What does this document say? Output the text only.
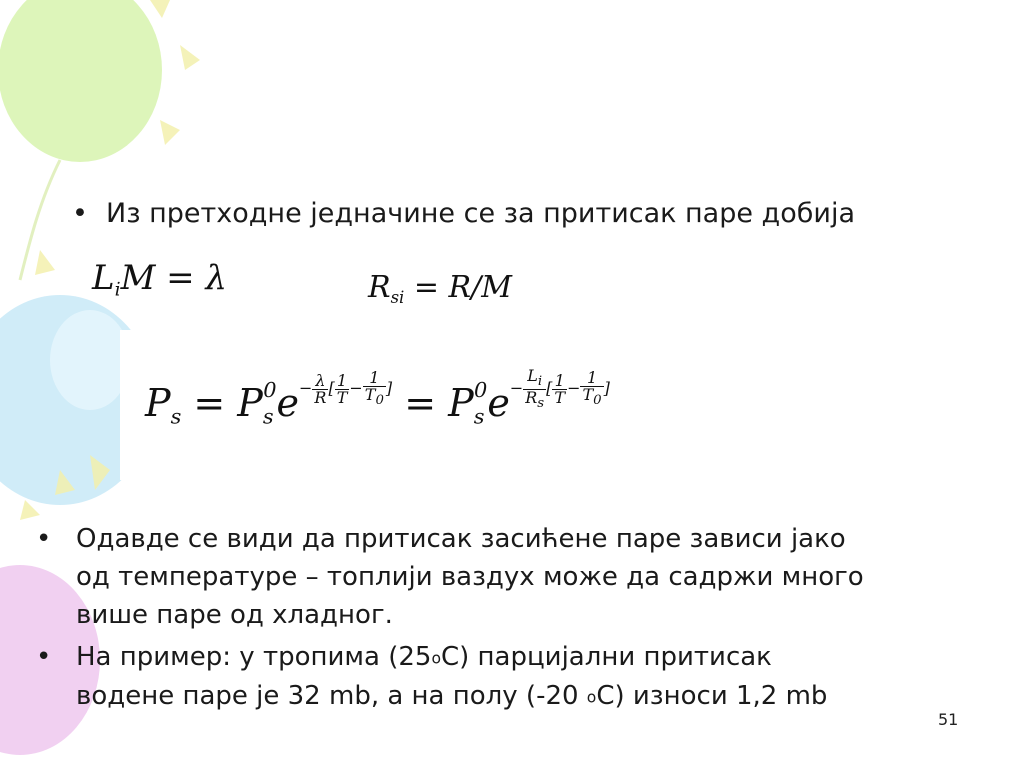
• Из претходне једначине се за притисак паре добија
$L_iM = \lambda$	$R_{si} = R/M$
$P_s = P_s^0e- \frac{\lambda}{R}$ [ $\frac{1}{T} - \frac{1}{T_0}$ ] = $P_s^0e- \frac{L_i}{R_s}$ [ $\frac{1}{T} - \frac{1}{T_0}$ ]
• Одавде се види да притисак засићене паре зависи јако
од температуре – топлији ваздух може да садржи много
више паре од хладног.
• На пример: у тропима (25$^o$C) парцијални притисак
водене паре је 32 mb, а на полу (-20 $^o$C) износи 1,2 mb
51
